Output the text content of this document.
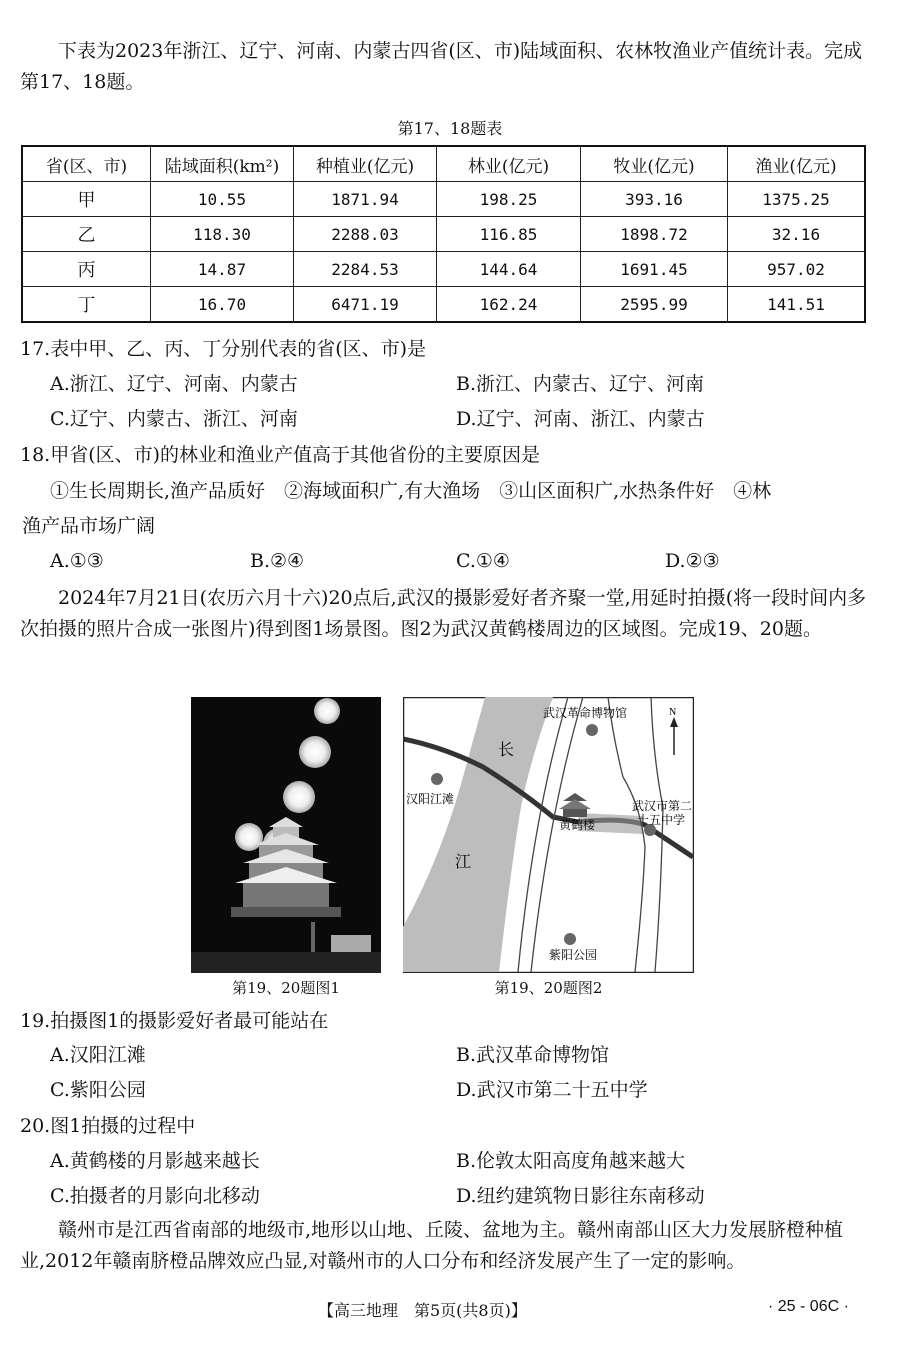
下表为2023年浙江、辽宁、河南、内蒙古四省(区、市)陆域面积、农林牧渔业产值统计表。完成第17、18题。

第17、18题表
省(区、市)	陆域面积(km²)	种植业(亿元)	林业(亿元)	牧业(亿元)	渔业(亿元)
甲	10.55	1871.94	198.25	393.16	1375.25
乙	118.30	2288.03	116.85	1898.72	32.16
丙	14.87	2284.53	144.64	1691.45	957.02
丁	16.70	6471.19	162.24	2595.99	141.51

17.表中甲、乙、丙、丁分别代表的省(区、市)是

A.浙江、辽宁、河南、内蒙古	B.浙江、内蒙古、辽宁、河南
C.辽宁、内蒙古、浙江、河南	D.辽宁、河南、浙江、内蒙古

18.甲省(区、市)的林业和渔业产值高于其他省份的主要原因是

①生长周期长,渔产品质好　②海域面积广,有大渔场　③山区面积广,水热条件好　④林
渔产品市场广阔
A.①③	B.②④	C.①④	D.②③

2024年7月21日(农历六月十六)20点后,武汉的摄影爱好者齐聚一堂,用延时拍摄(将一段时间内多次拍摄的照片合成一张图片)得到图1场景图。图2为武汉黄鹤楼周边的区域图。完成19、20题。

第19、20题图1
N
武汉革命博物馆
长
汉阳江滩
黄鹤楼
武汉市第二
十五中学
江
紫阳公园
第19、20题图2

19.拍摄图1的摄影爱好者最可能站在

A.汉阳江滩	B.武汉革命博物馆
C.紫阳公园	D.武汉市第二十五中学

20.图1拍摄的过程中

A.黄鹤楼的月影越来越长	B.伦敦太阳高度角越来越大
C.拍摄者的月影向北移动	D.纽约建筑物日影往东南移动

赣州市是江西省南部的地级市,地形以山地、丘陵、盆地为主。赣州南部山区大力发展脐橙种植业,2012年赣南脐橙品牌效应凸显,对赣州市的人口分布和经济发展产生了一定的影响。

【高三地理　第5页(共8页)】	· 25 - 06C ·
